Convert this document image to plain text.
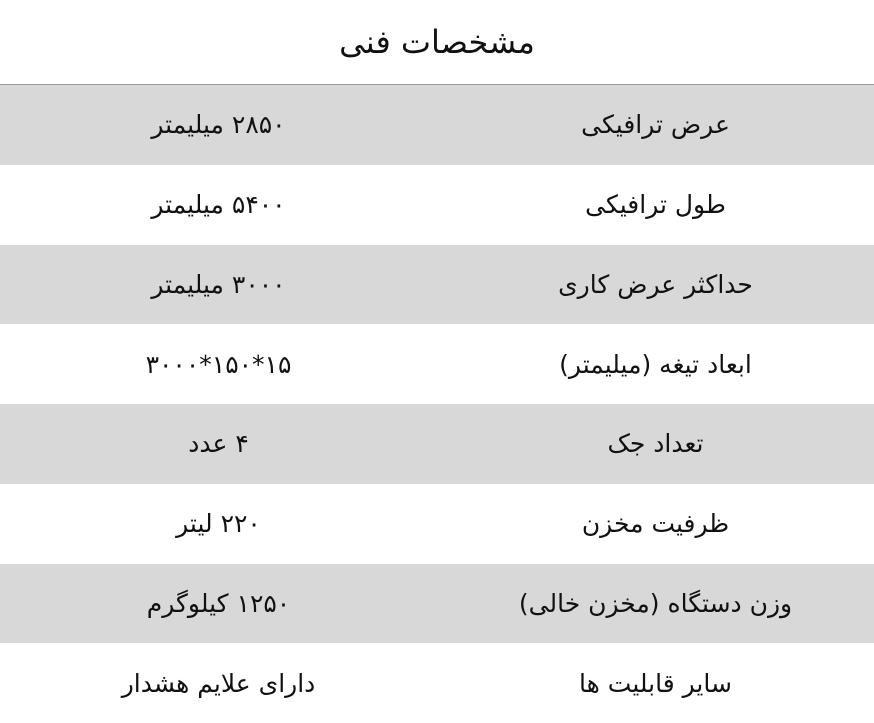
مشخصات فنی
عرض ترافیکی	۲۸۵۰ میلیمتر
طول ترافیکی	۵۴۰۰ میلیمتر
حداکثر عرض کاری	۳۰۰۰ میلیمتر
ابعاد تیغه (میلیمتر)	۳۰۰۰*۱۵۰*۱۵
تعداد جک	۴ عدد
ظرفیت مخزن	۲۲۰ لیتر
وزن دستگاه (مخزن خالی)	۱۲۵۰ کیلوگرم
سایر قابلیت ها	دارای علایم هشدار
